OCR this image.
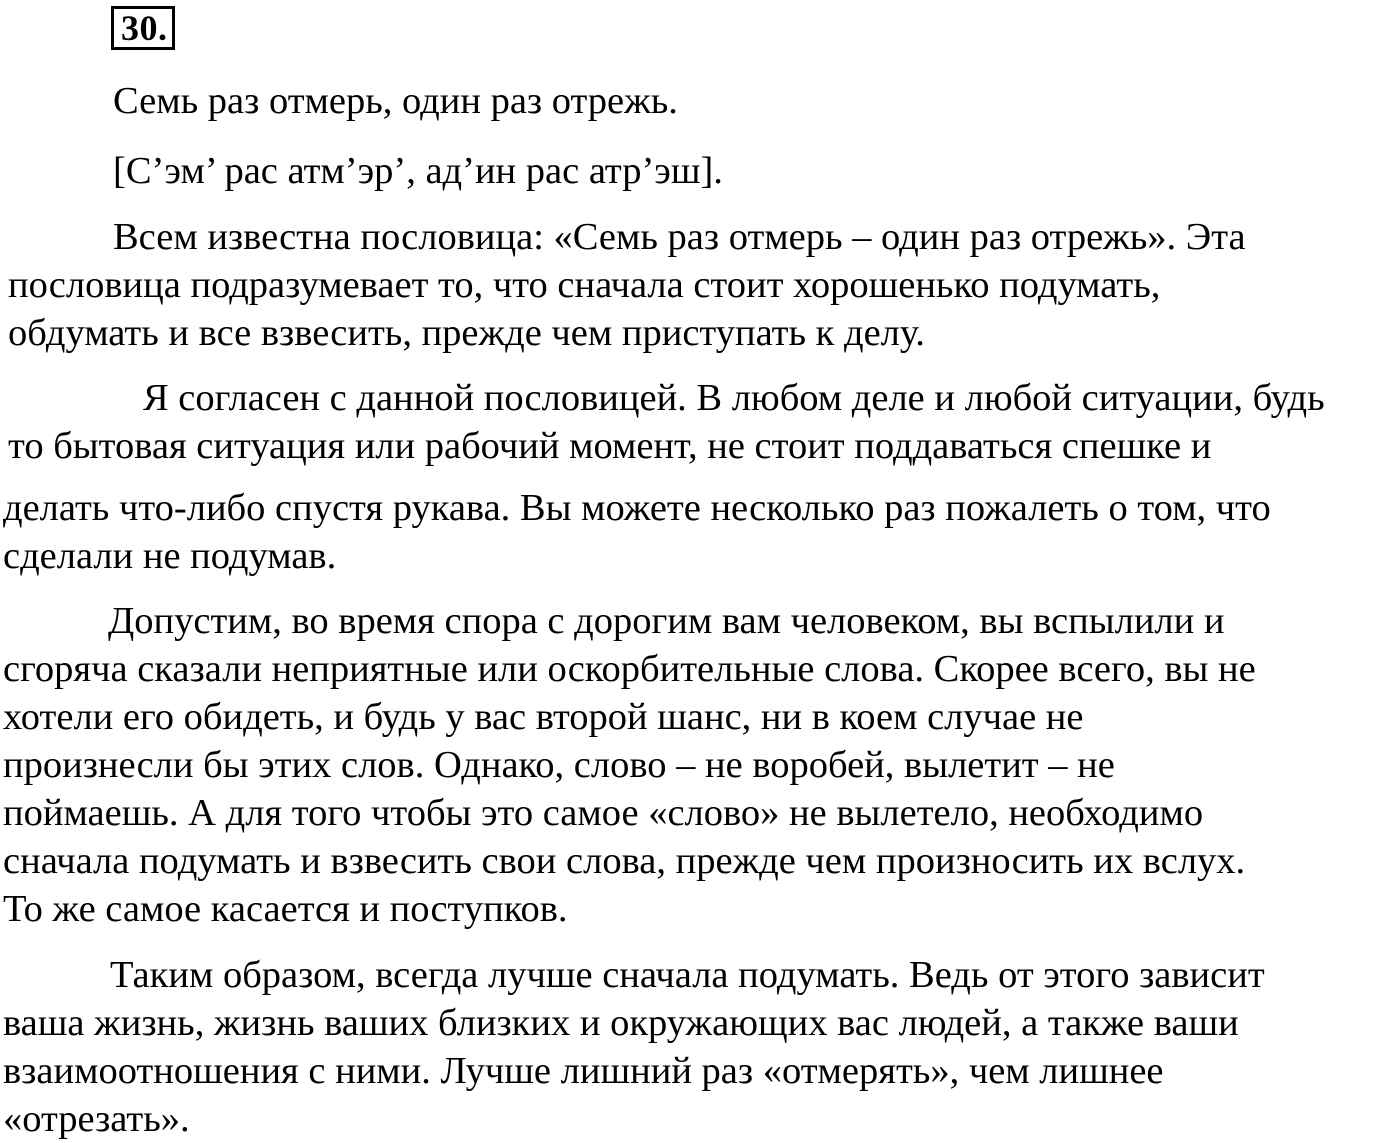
30.
Семь раз отмерь, один раз отрежь.
[С’эм’ рас атм’эр’, ад’ин рас атр’эш].
Всем известна пословица: «Семь раз отмерь – один раз отрежь». Эта
пословица подразумевает то, что сначала стоит хорошенько подумать,
обдумать и все взвесить, прежде чем приступать к делу.
Я согласен с данной пословицей. В любом деле и любой ситуации, будь
то бытовая ситуация или рабочий момент, не стоит поддаваться спешке и
делать что-либо спустя рукава. Вы можете несколько раз пожалеть о том, что
сделали не подумав.
Допустим, во время спора с дорогим вам человеком, вы вспылили и
сгоряча сказали неприятные или оскорбительные слова. Скорее всего, вы не
хотели его обидеть, и будь у вас второй шанс, ни в коем случае не
произнесли бы этих слов. Однако, слово – не воробей, вылетит – не
поймаешь. А для того чтобы это самое «слово» не вылетело, необходимо
сначала подумать и взвесить свои слова, прежде чем произносить их вслух.
То же самое касается и поступков.
Таким образом, всегда лучше сначала подумать. Ведь от этого зависит
ваша жизнь, жизнь ваших близких и окружающих вас людей, а также ваши
взаимоотношения с ними. Лучше лишний раз «отмерять», чем лишнее
«отрезать».
